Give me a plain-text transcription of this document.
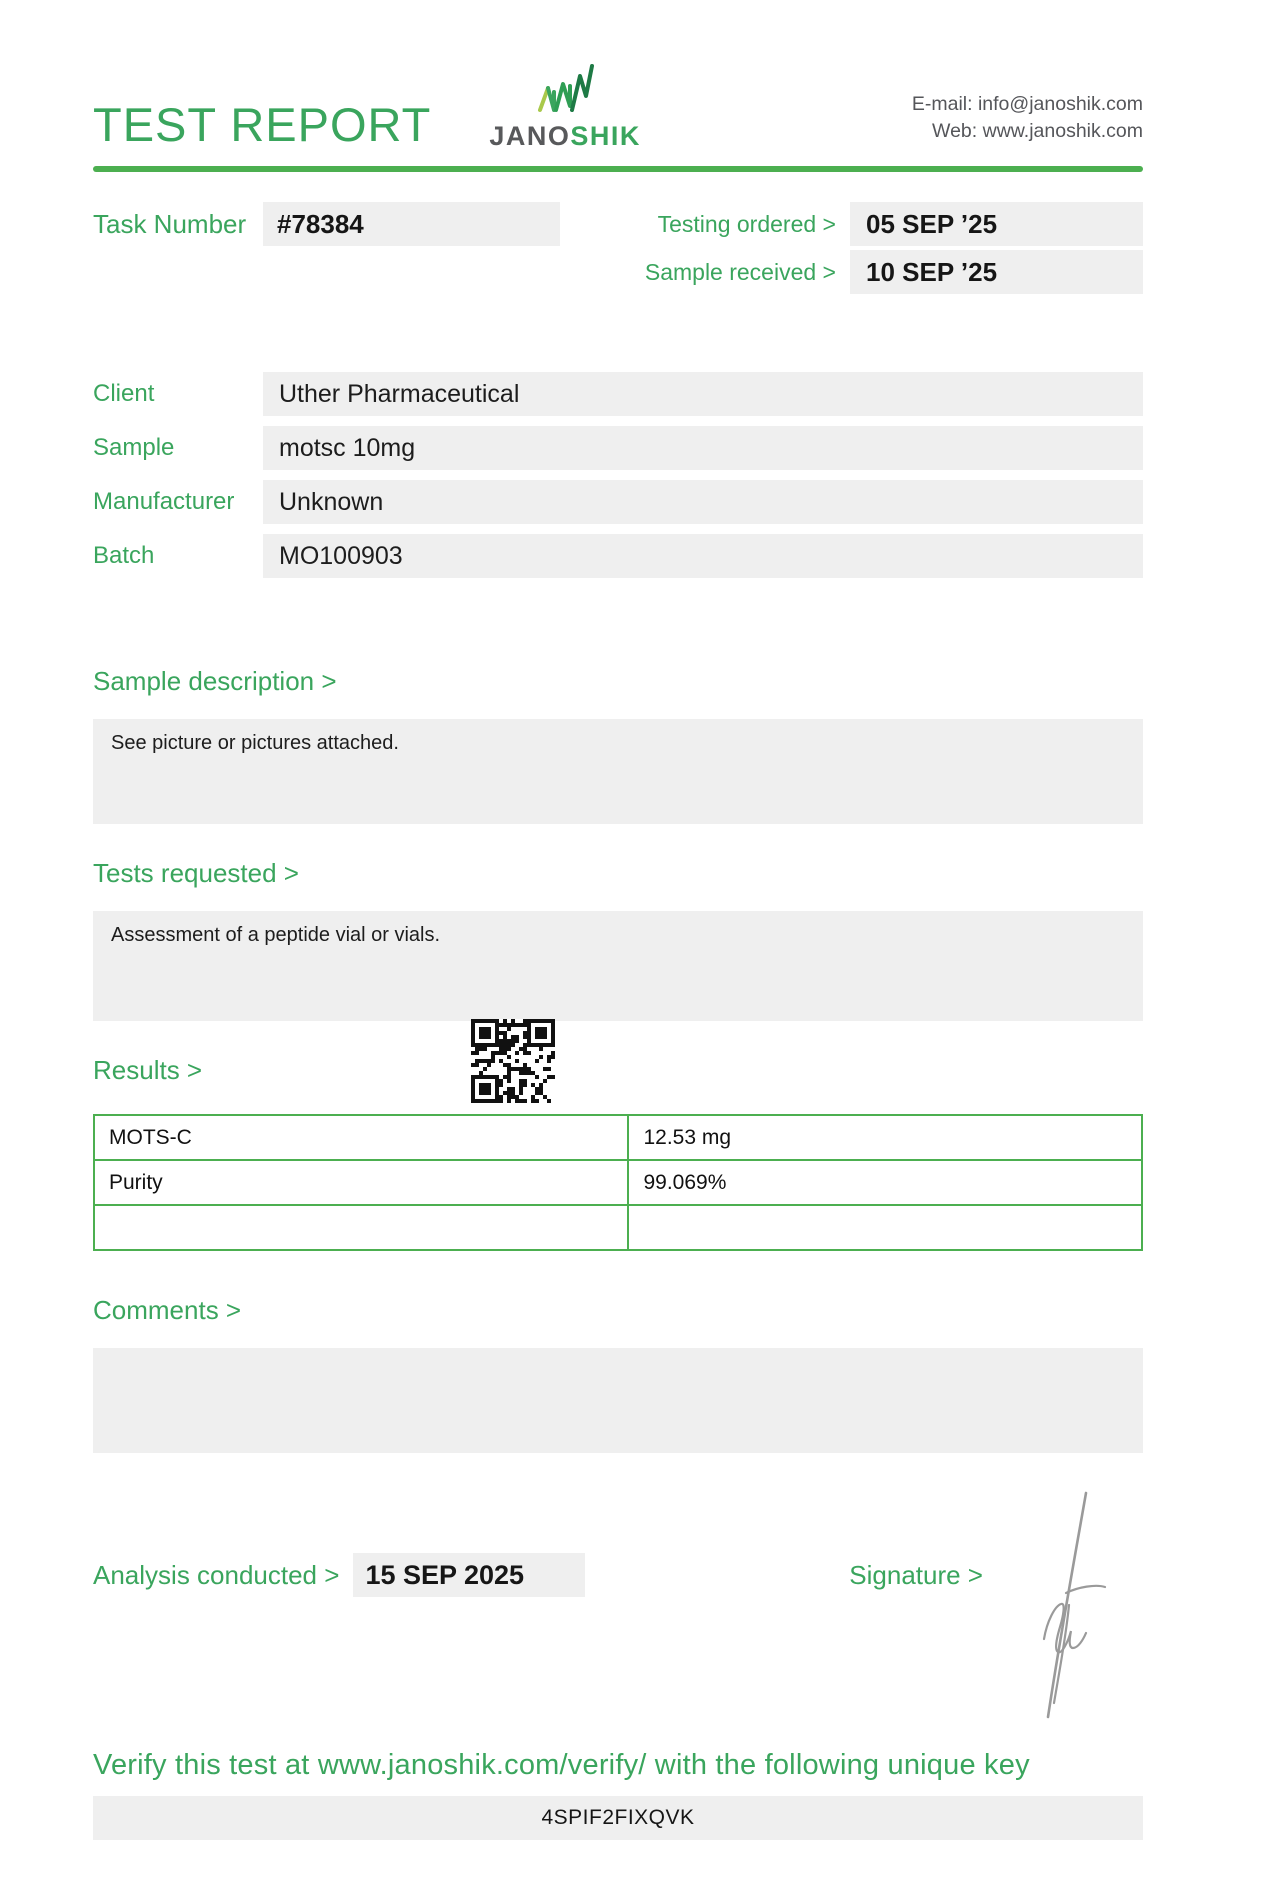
TEST REPORT JANOSHIK
E-mail: info@janoshik.com
Web: www.janoshik.com
Task Number	#78384	Testing ordered >	05 SEP ’25
Sample received >	10 SEP ’25
Client	Uther Pharmaceutical
Sample	motsc 10mg
Manufacturer	Unknown
Batch	MO100903
Sample description >
See picture or pictures attached.
Tests requested >
Assessment of a peptide vial or vials.
Results >
MOTS-C	12.53 mg
Purity	99.069%

Comments >
Analysis conducted > 15 SEP 2025	Signature >
Verify this test at www.janoshik.com/verify/ with the following unique key
4SPIF2FIXQVK
